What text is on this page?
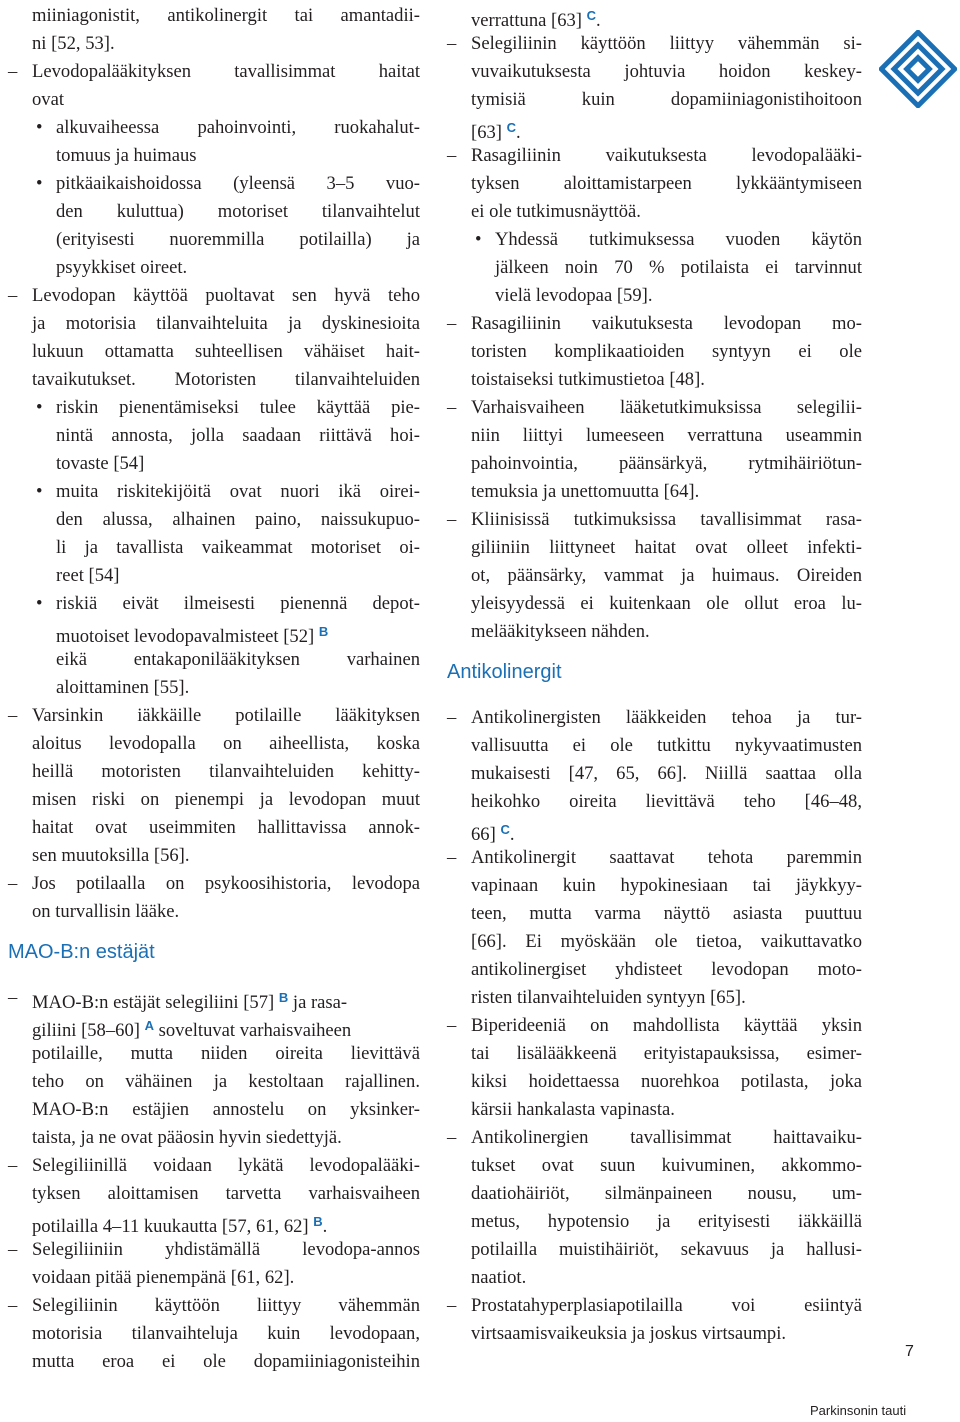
miiniagonistit, antikolinergit tai amantadii-
ni [52, 53].
– Levodopalääkityksen tavallisimmat haitat
ovat
• alkuvaiheessa pahoinvointi, ruokahalut-
tomuus ja huimaus
• pitkäaikaishoidossa (yleensä 3–5 vuo-
den kuluttua) motoriset tilanvaihtelut
(erityisesti nuoremmilla potilailla) ja
psyykkiset oireet.
– Levodopan käyttöä puoltavat sen hyvä teho
ja motorisia tilanvaihteluita ja dyskinesioita
lukuun ottamatta suhteellisen vähäiset hait-
tavaikutukset. Motoristen tilanvaihteluiden
• riskin pienentämiseksi tulee käyttää pie-
nintä annosta, jolla saadaan riittävä hoi-
tovaste [54]
• muita riskitekijöitä ovat nuori ikä oirei-
den alussa, alhainen paino, naissukupuo-
li ja tavallista vaikeammat motoriset oi-
reet [54]
• riskiä eivät ilmeisesti pienennä depot-
muotoiset levodopavalmisteet [52] $^B$
eikä entakaponilääkityksen varhainen
aloittaminen [55].
– Varsinkin iäkkäille potilaille lääkityksen
aloitus levodopalla on aiheellista, koska
heillä motoristen tilanvaihteluiden kehitty-
misen riski on pienempi ja levodopan muut
haitat ovat useimmiten hallittavissa annok-
sen muutoksilla [56].
– Jos potilaalla on psykoosihistoria, levodopa
on turvallisin lääke.
MAO-B:n estäjät
– MAO-B:n estäjät selegiliini [57] $^B$ ja rasa-
giliini [58–60] $^A$ soveltuvat varhaisvaiheen
potilaille, mutta niiden oireita lievittävä
teho on vähäinen ja kestoltaan rajallinen.
MAO-B:n estäjien annostelu on yksinker-
taista, ja ne ovat pääosin hyvin siedettyjä.
– Selegiliinillä voidaan lykätä levodopalääki-
tyksen aloittamisen tarvetta varhaisvaiheen
potilailla 4–11 kuukautta [57, 61, 62] $^B$.
– Selegiliiniin yhdistämällä levodopa-annos
voidaan pitää pienempänä [61, 62].
– Selegiliinin käyttöön liittyy vähemmän
motorisia tilanvaihteluja kuin levodopaan,
mutta eroa ei ole dopamiiniagonisteihin
verrattuna [63] $^C$.
– Selegiliinin käyttöön liittyy vähemmän si-
vuvaikutuksesta johtuvia hoidon keskey-
tymisiä kuin dopamiiniagonistihoitoon
[63] $^C$.
– Rasagiliinin vaikutuksesta levodopalääki-
tyksen aloittamistarpeen lykkääntymiseen
ei ole tutkimusnäyttöä.
• Yhdessä tutkimuksessa vuoden käytön
jälkeen noin 70 % potilaista ei tarvinnut
vielä levodopaa [59].
– Rasagiliinin vaikutuksesta levodopan mo-
toristen komplikaatioiden syntyyn ei ole
toistaiseksi tutkimustietoa [48].
– Varhaisvaiheen lääketutkimuksissa selegilii-
niin liittyi lumeeseen verrattuna useammin
pahoinvointia, päänsärkyä, rytmihäiriötun-
temuksia ja unettomuutta [64].
– Kliinisissä tutkimuksissa tavallisimmat rasa-
giliiniin liittyneet haitat ovat olleet infekti-
ot, päänsärky, vammat ja huimaus. Oireiden
yleisyydessä ei kuitenkaan ole ollut eroa lu-
melääkitykseen nähden.
Antikolinergit
– Antikolinergisten lääkkeiden tehoa ja tur-
vallisuutta ei ole tutkittu nykyvaatimusten
mukaisesti [47, 65, 66]. Niillä saattaa olla
heikohko oireita lievittävä teho [46–48,
66] $^C$.
– Antikolinergit saattavat tehota paremmin
vapinaan kuin hypokinesiaan tai jäykkyy-
teen, mutta varma näyttö asiasta puuttuu
[66]. Ei myöskään ole tietoa, vaikuttavatko
antikolinergiset yhdisteet levodopan moto-
risten tilanvaihteluiden syntyyn [65].
– Biperideeniä on mahdollista käyttää yksin
tai lisälääkkeenä erityistapauksissa, esimer-
kiksi hoidettaessa nuorehkoa potilasta, joka
kärsii hankalasta vapinasta.
– Antikolinergien tavallisimmat haittavaiku-
tukset ovat suun kuivuminen, akkommo-
daatiohäiriöt, silmänpaineen nousu, um-
metus, hypotensio ja erityisesti iäkkäillä
potilailla muistihäiriöt, sekavuus ja hallusi-
naatiot.
– Prostatahyperplasiapotilailla voi esiintyä
virtsaamisvaikeuksia ja joskus virtsaumpi.
7
Parkinsonin tauti
